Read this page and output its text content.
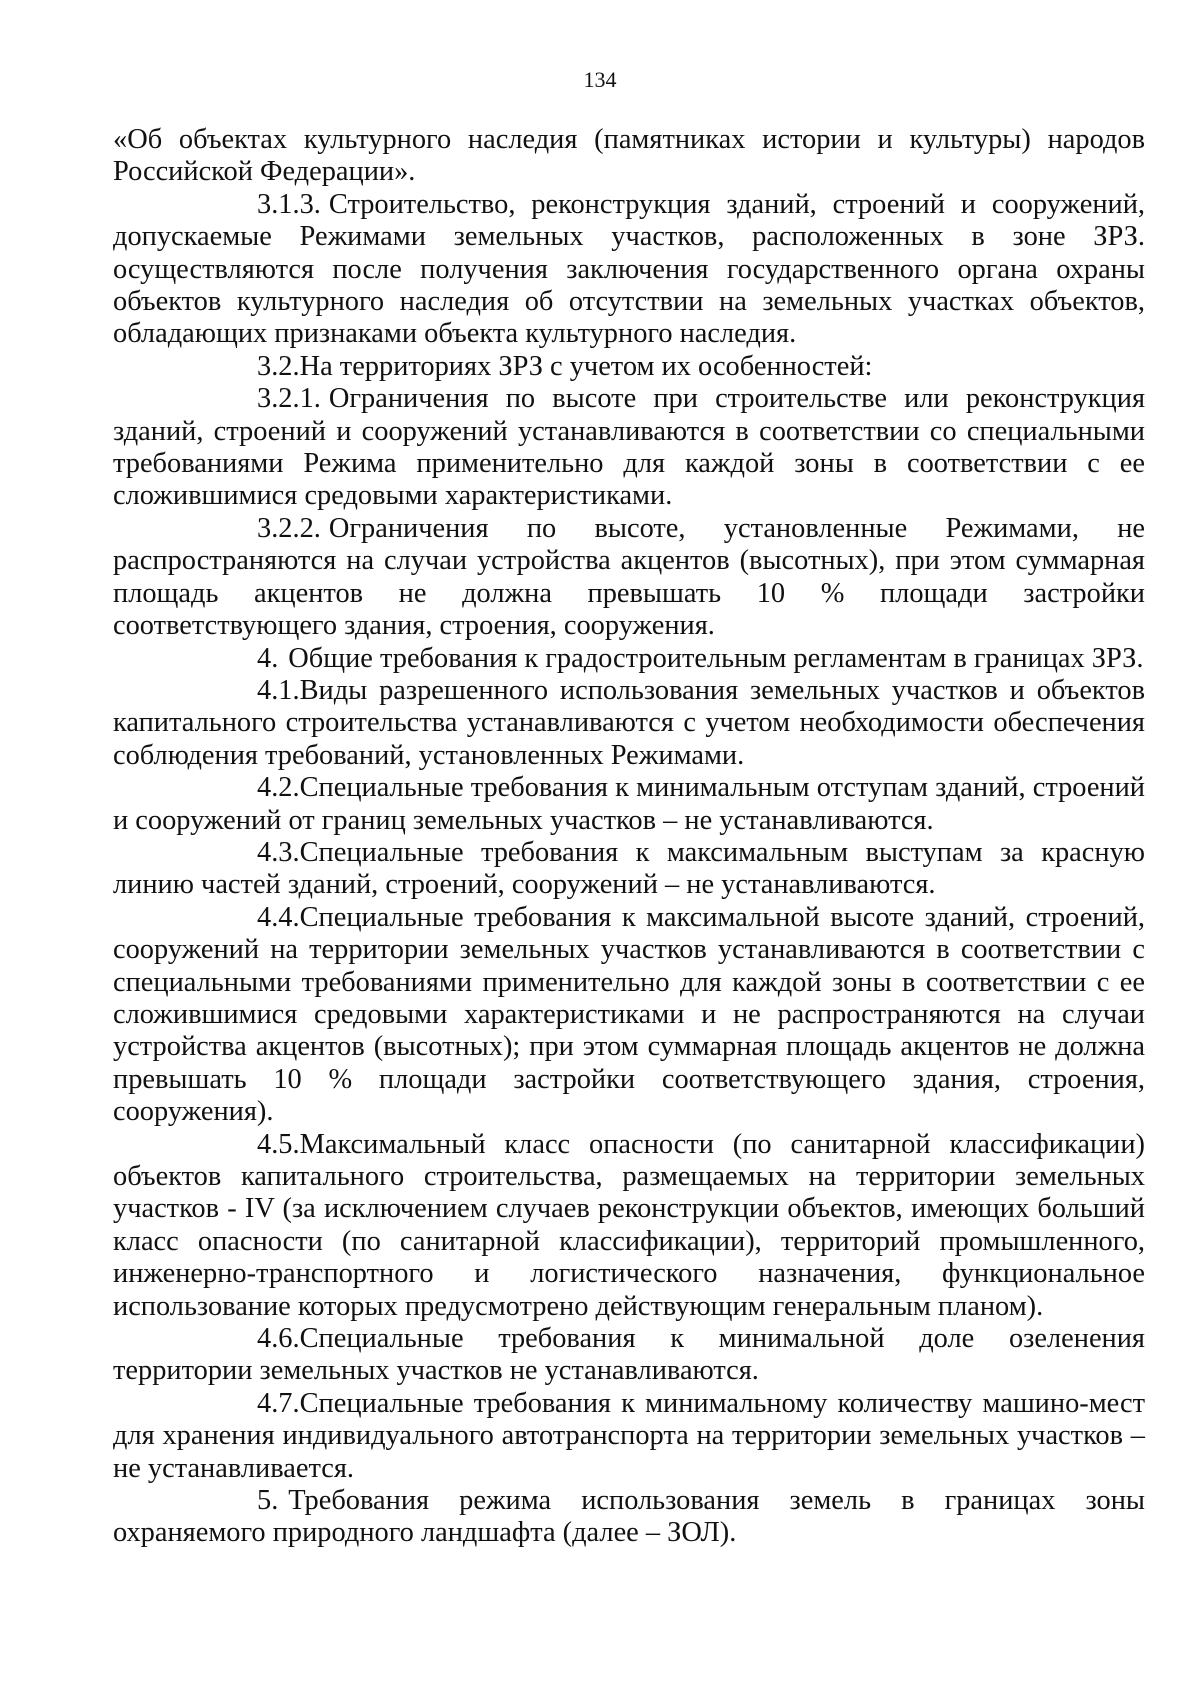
134

«Об объектах культурного наследия (памятниках истории и культуры) народов Российской Федерации».

3.1.3. Строительство, реконструкция зданий, строений и сооружений, допускаемые Режимами земельных участков, расположенных в зоне ЗРЗ. осуществляются после получения заключения государственного органа охраны объектов культурного наследия об отсутствии на земельных участках объектов, обладающих признаками объекта культурного наследия.

3.2.На территориях ЗРЗ с учетом их особенностей:

3.2.1. Ограничения по высоте при строительстве или реконструкция зданий, строений и сооружений устанавливаются в соответствии со специальными требованиями Режима применительно для каждой зоны в соответствии с ее сложившимися средовыми характеристиками.

3.2.2. Ограничения по высоте, установленные Режимами, не распространяются на случаи устройства акцентов (высотных), при этом суммарная площадь акцентов не должна превышать 10 % площади застройки соответствующего здания, строения, сооружения.

4. Общие требования к градостроительным регламентам в границах ЗРЗ.

4.1.Виды разрешенного использования земельных участков и объектов капитального строительства устанавливаются с учетом необходимости обеспечения соблюдения требований, установленных Режимами.

4.2.Специальные требования к минимальным отступам зданий, строений и сооружений от границ земельных участков – не устанавливаются.

4.3.Специальные требования к максимальным выступам за красную линию частей зданий, строений, сооружений – не устанавливаются.

4.4.Специальные требования к максимальной высоте зданий, строений, сооружений на территории земельных участков устанавливаются в соответствии с специальными требованиями применительно для каждой зоны в соответствии с ее сложившимися средовыми характеристиками и не распространяются на случаи устройства акцентов (высотных); при этом суммарная площадь акцентов не должна превышать 10 % площади застройки соответствующего здания, строения, сооружения).

4.5.Максимальный класс опасности (по санитарной классификации) объектов капитального строительства, размещаемых на территории земельных участков - IV (за исключением случаев реконструкции объектов, имеющих больший класс опасности (по санитарной классификации), территорий промышленного, инженерно-транспортного и логистического назначения, функциональное использование которых предусмотрено действующим генеральным планом).

4.6.Специальные требования к минимальной доле озеленения территории земельных участков не устанавливаются.

4.7.Специальные требования к минимальному количеству машино-мест для хранения индивидуального автотранспорта на территории земельных участков – не устанавливается.

5. Требования режима использования земель в границах зоны охраняемого природного ландшафта (далее – ЗОЛ).
